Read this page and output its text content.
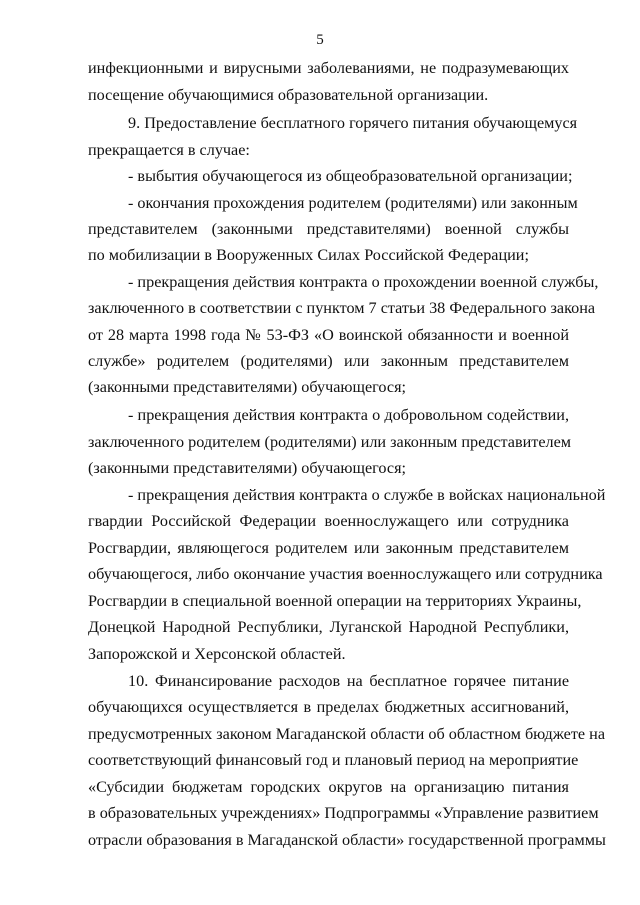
5
инфекционными и вирусными заболеваниями, не подразумевающих
посещение обучающимися образовательной организации.
9. Предоставление бесплатного горячего питания обучающемуся
прекращается в случае:
- выбытия обучающегося из общеобразовательной организации;
- окончания прохождения родителем (родителями) или законным
представителем (законными представителями) военной службы
по мобилизации в Вооруженных Силах Российской Федерации;
- прекращения действия контракта о прохождении военной службы,
заключенного в соответствии с пунктом 7 статьи 38 Федерального закона
от 28 марта 1998 года № 53-ФЗ «О воинской обязанности и военной
службе» родителем (родителями) или законным представителем
(законными представителями) обучающегося;
- прекращения действия контракта о добровольном содействии,
заключенного родителем (родителями) или законным представителем
(законными представителями) обучающегося;
- прекращения действия контракта о службе в войсках национальной
гвардии Российской Федерации военнослужащего или сотрудника
Росгвардии, являющегося родителем или законным представителем
обучающегося, либо окончание участия военнослужащего или сотрудника
Росгвардии в специальной военной операции на территориях Украины,
Донецкой Народной Республики, Луганской Народной Республики,
Запорожской и Херсонской областей.
10. Финансирование расходов на бесплатное горячее питание
обучающихся осуществляется в пределах бюджетных ассигнований,
предусмотренных законом Магаданской области об областном бюджете на
соответствующий финансовый год и плановый период на мероприятие
«Субсидии бюджетам городских округов на организацию питания
в образовательных учреждениях» Подпрограммы «Управление развитием
отрасли образования в Магаданской области» государственной программы
